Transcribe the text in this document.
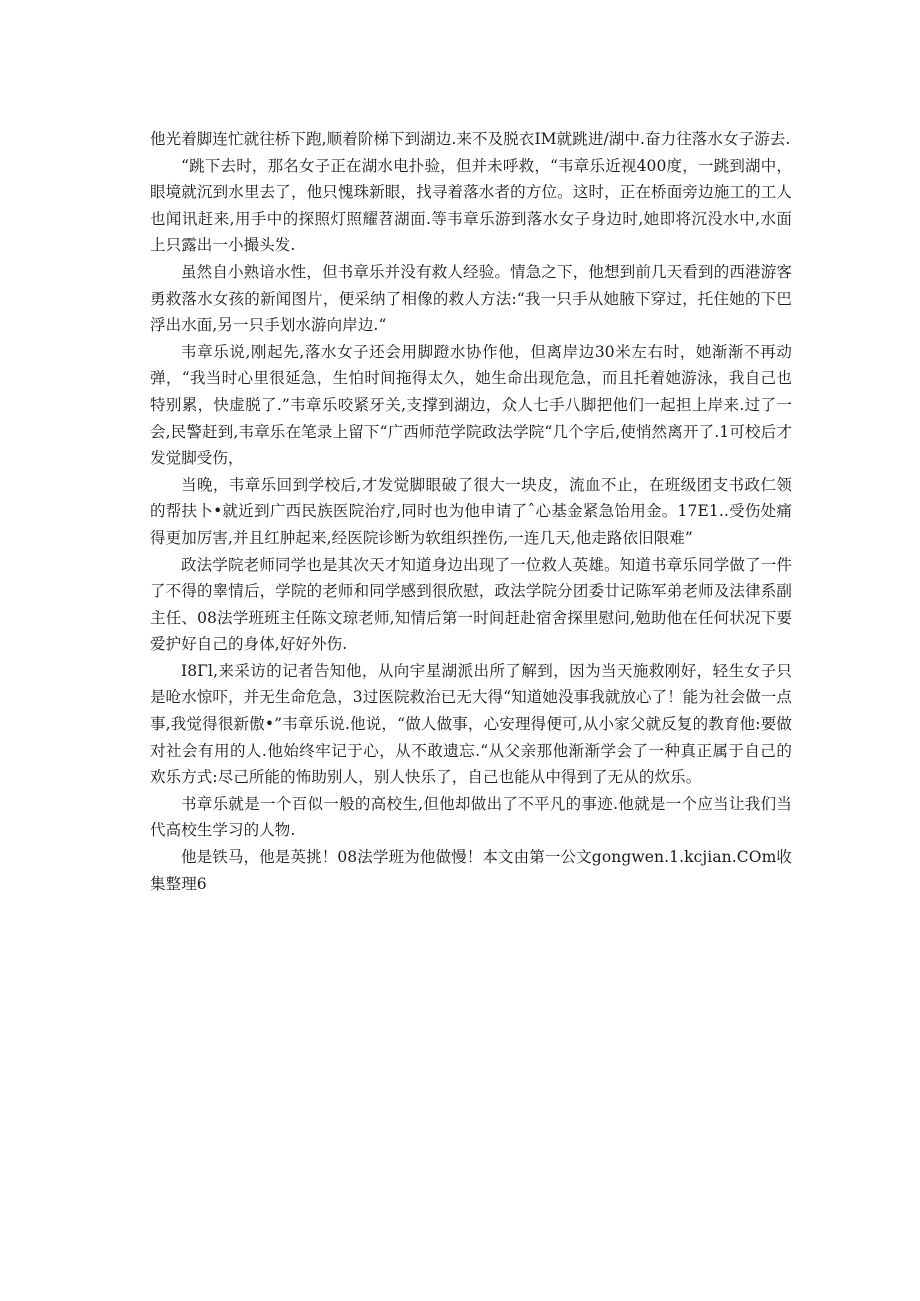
他光着脚连忙就往桥下跑,顺着阶梯下到湖边.来不及脱衣IM就跳进/湖中.奋力往落水女子游去.

“跳下去时，那名女子正在湖水电扑验，但并未呼救，“韦章乐近视400度，一跳到湖中，眼境就沉到水里去了，他只愧珠新眼，找寻着落水者的方位。这时，正在桥面旁边施工的工人也闻讯赶来,用手中的探照灯照耀苕湖面.等韦章乐游到落水女子身边时,她即将沉没水中,水面上只露出一小撮头发.

虽然自小熟谙水性，但书章乐并没有救人经验。情急之下，他想到前几天看到的西港游客勇救落水女孩的新闻图片，便采纳了相像的救人方法:“我一只手从她腋下穿过，托住她的下巴浮出水面,另一只手划水游向岸边.“

韦章乐说,刚起先,落水女子还会用脚蹬水协作他，但离岸边30米左右时，她渐渐不再动弹，“我当时心里很延急，生怕时间拖得太久，她生命出现危急，而且托着她游泳，我自己也特别累，快虚脱了.”韦章乐咬紧牙关,支撑到湖边，众人七手八脚把他们一起担上岸来.过了一会,民警赶到,韦章乐在笔录上留下“广西师范学院政法学院“几个字后,使悄然离开了.1可校后才发觉脚受伤，

当晚，韦章乐回到学校后,才发觉脚眼破了很大一块皮，流血不止，在班级团支书政仁领的帮扶卜•就近到广西民族医院治疗,同时也为他申请了ˆ心基金紧急饴用金。17E1..受伤处痛得更加厉害,并且红肿起来,经医院诊断为软组织挫伤,一连几天,他走路依旧限难”

政法学院老师同学也是其次天才知道身边出现了一位救人英雄。知道书章乐同学做了一件了不得的睾情后，学院的老师和同学感到很欣慰，政法学院分团委廿记陈军弟老师及法律系副主任、08法学班班主任陈文琼老师,知情后第一时间赶赴宿舍探里慰问,勉助他在任何状况下要爱护好自己的身体,好好外伤.

I8Γl,来采访的记者告知他，从向宇星湖派出所了解到，因为当天施救刚好，轻生女子只是呛水惊吓，并无生命危急，3过医院救治已无大得“知道她没事我就放心了！能为社会做一点事,我觉得很新傲•”韦章乐说.他说，“做人做事，心安理得便可,从小家父就反复的教育他:要做对社会有用的人.他始终牢记于心，从不敢遗忘.“从父亲那他渐渐学会了一种真正属于自己的欢乐方式:尽己所能的怖助别人，别人快乐了，自己也能从中得到了无从的炊乐。

书章乐就是一个百似一般的高校生,但他却做出了不平凡的事迹.他就是一个应当让我们当代高校生学习的人物.

他是铁马，他是英挑！08法学班为他做慢！本文由第一公文gongwen.1.kcjian.COm收　集整理6
